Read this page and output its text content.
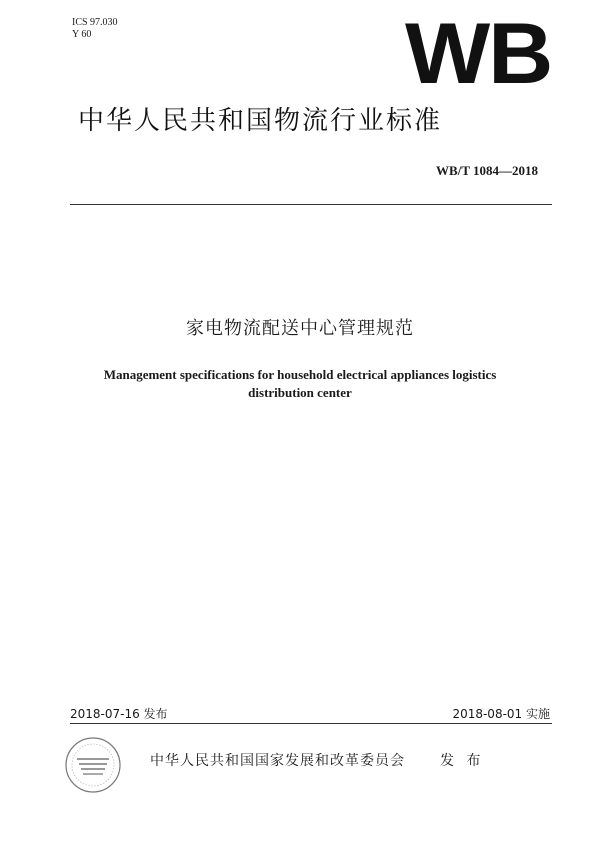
ICS 97.030
Y 60	WB
中华人民共和国物流行业标准
WB/T 1084—2018
家电物流配送中心管理规范
Management specifications for household electrical appliances logistics
distribution center
2018-07-16 发布	2018-08-01 实施
中华人民共和国国家发展和改革委员会	发 布
